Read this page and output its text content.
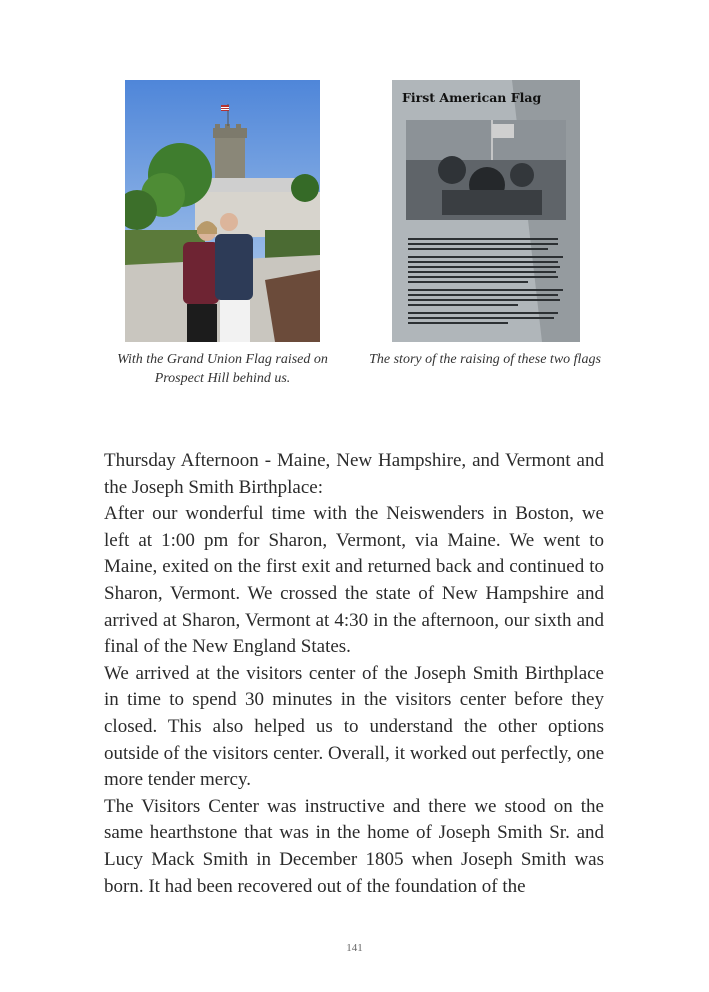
With the Grand Union Flag raised on Prospect Hill behind us.
First American Flag
The story of the raising of these two flags

Thursday Afternoon - Maine, New Hampshire, and Vermont and the Joseph Smith Birthplace:

After our wonderful time with the Neiswenders in Boston, we left at 1:00 pm for Sharon, Vermont, via Maine. We went to Maine, exited on the first exit and returned back and continued to Sharon, Vermont. We crossed the state of New Hampshire and arrived at Sharon, Vermont at 4:30 in the afternoon, our sixth and final of the New England States.

We arrived at the visitors center of the Joseph Smith Birthplace in time to spend 30 minutes in the visitors center before they closed. This also helped us to understand the other options outside of the visitors center. Overall, it worked out perfectly, one more tender mercy.

The Visitors Center was instructive and there we stood on the same hearthstone that was in the home of Joseph Smith Sr. and Lucy Mack Smith in December 1805 when Joseph Smith was born. It had been recovered out of the foundation of the

141
